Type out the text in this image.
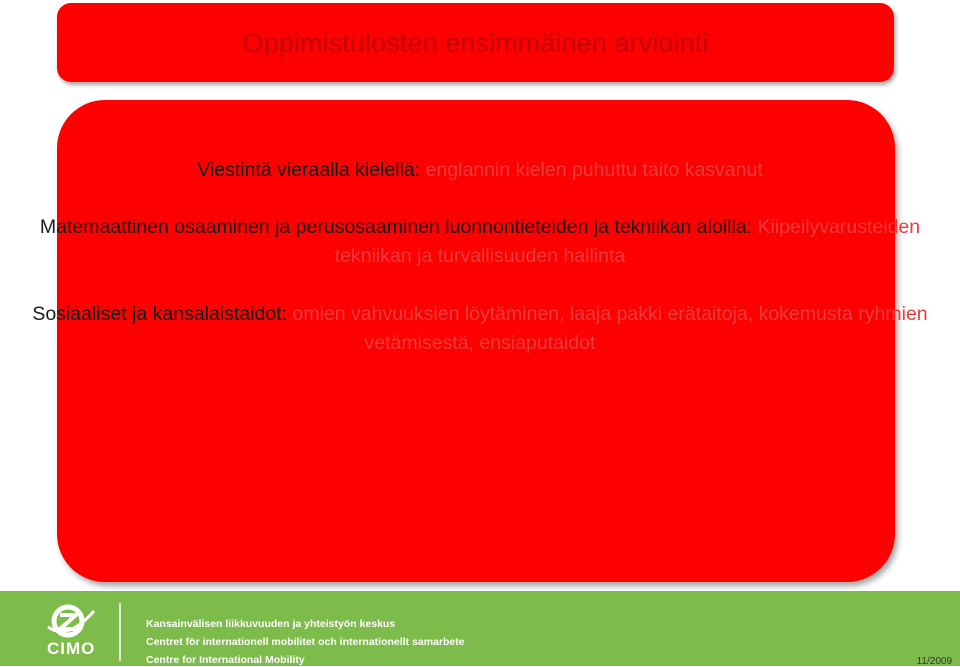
Oppimistulosten ensimmäinen arviointi
Viestintä vieraalla kielellä: englannin kielen puhuttu taito kasvanut
Matemaattinen osaaminen ja perusosaaminen luonnontieteiden ja tekniikan aloilla: Kiipeilyvarusteiden tekniikan ja turvallisuuden hallinta
Sosiaaliset ja kansalaistaidot: omien vahvuuksien löytäminen, laaja pakki erätaitoja, kokemusta ryhmien vetämisestä, ensiaputaidot
CIMO
Kansainvälisen liikkuvuuden ja yhteistyön keskus
Centret för internationell mobilitet och internationellt samarbete
Centre for International Mobility	11/2009
